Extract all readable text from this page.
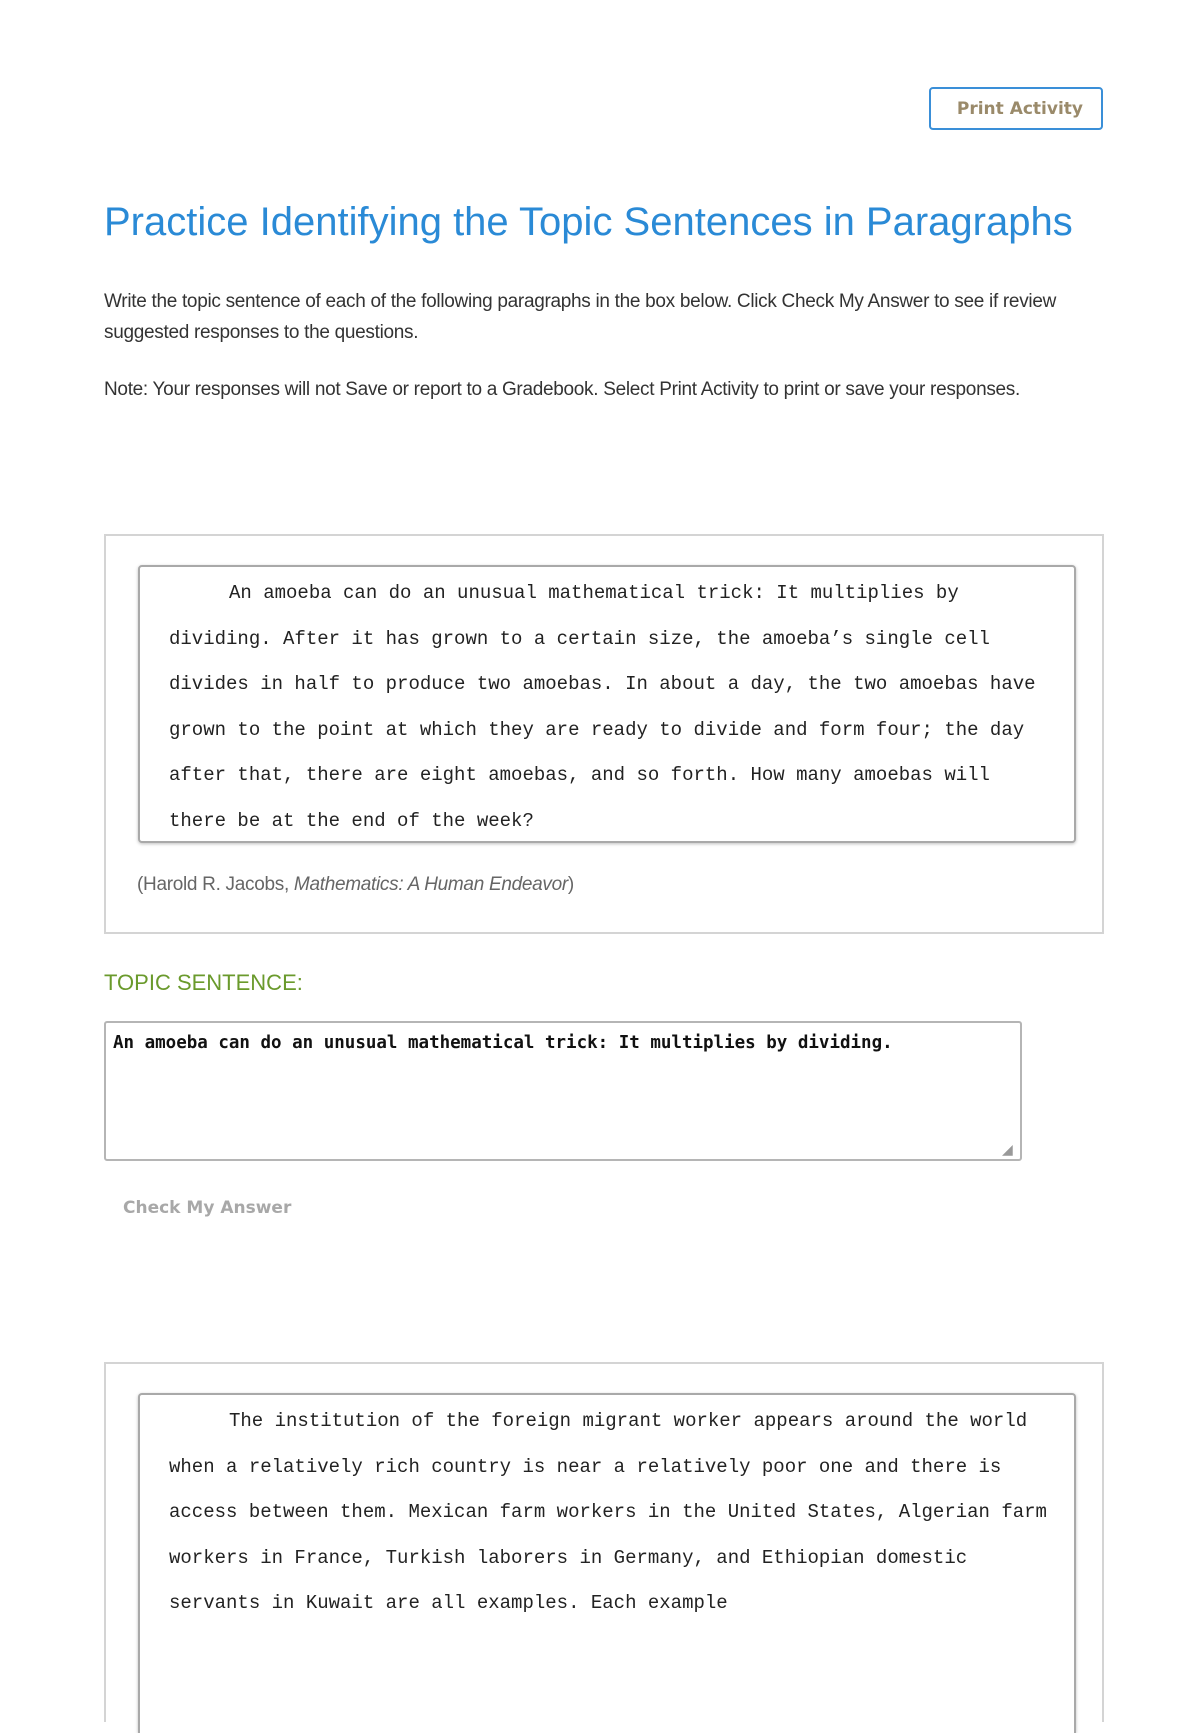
Print Activity
Practice Identifying the Topic Sentences in Paragraphs

Write the topic sentence of each of the following paragraphs in the box below. Click Check My Answer to see if review suggested responses to the questions.

Note: Your responses will not Save or report to a Gradebook. Select Print Activity to print or save your responses.

An amoeba can do an unusual mathematical trick: It multiplies by dividing. After it has grown to a certain size, the amoeba’s single cell divides in half to produce two amoebas. In about a day, the two amoebas have grown to the point at which they are ready to divide and form four; the day after that, there are eight amoebas, and so forth. How many amoebas will there be at the end of the week?

(Harold R. Jacobs, Mathematics: A Human Endeavor)

TOPIC SENTENCE:
An amoeba can do an unusual mathematical trick: It multiplies by dividing.
◢
Check My Answer
The institution of the foreign migrant worker appears around the world when a relatively rich country is near a relatively poor one and there is access between them. Mexican farm workers in the United States, Algerian farm workers in France, Turkish laborers in Germany, and Ethiopian domestic servants in Kuwait are all examples. Each example
